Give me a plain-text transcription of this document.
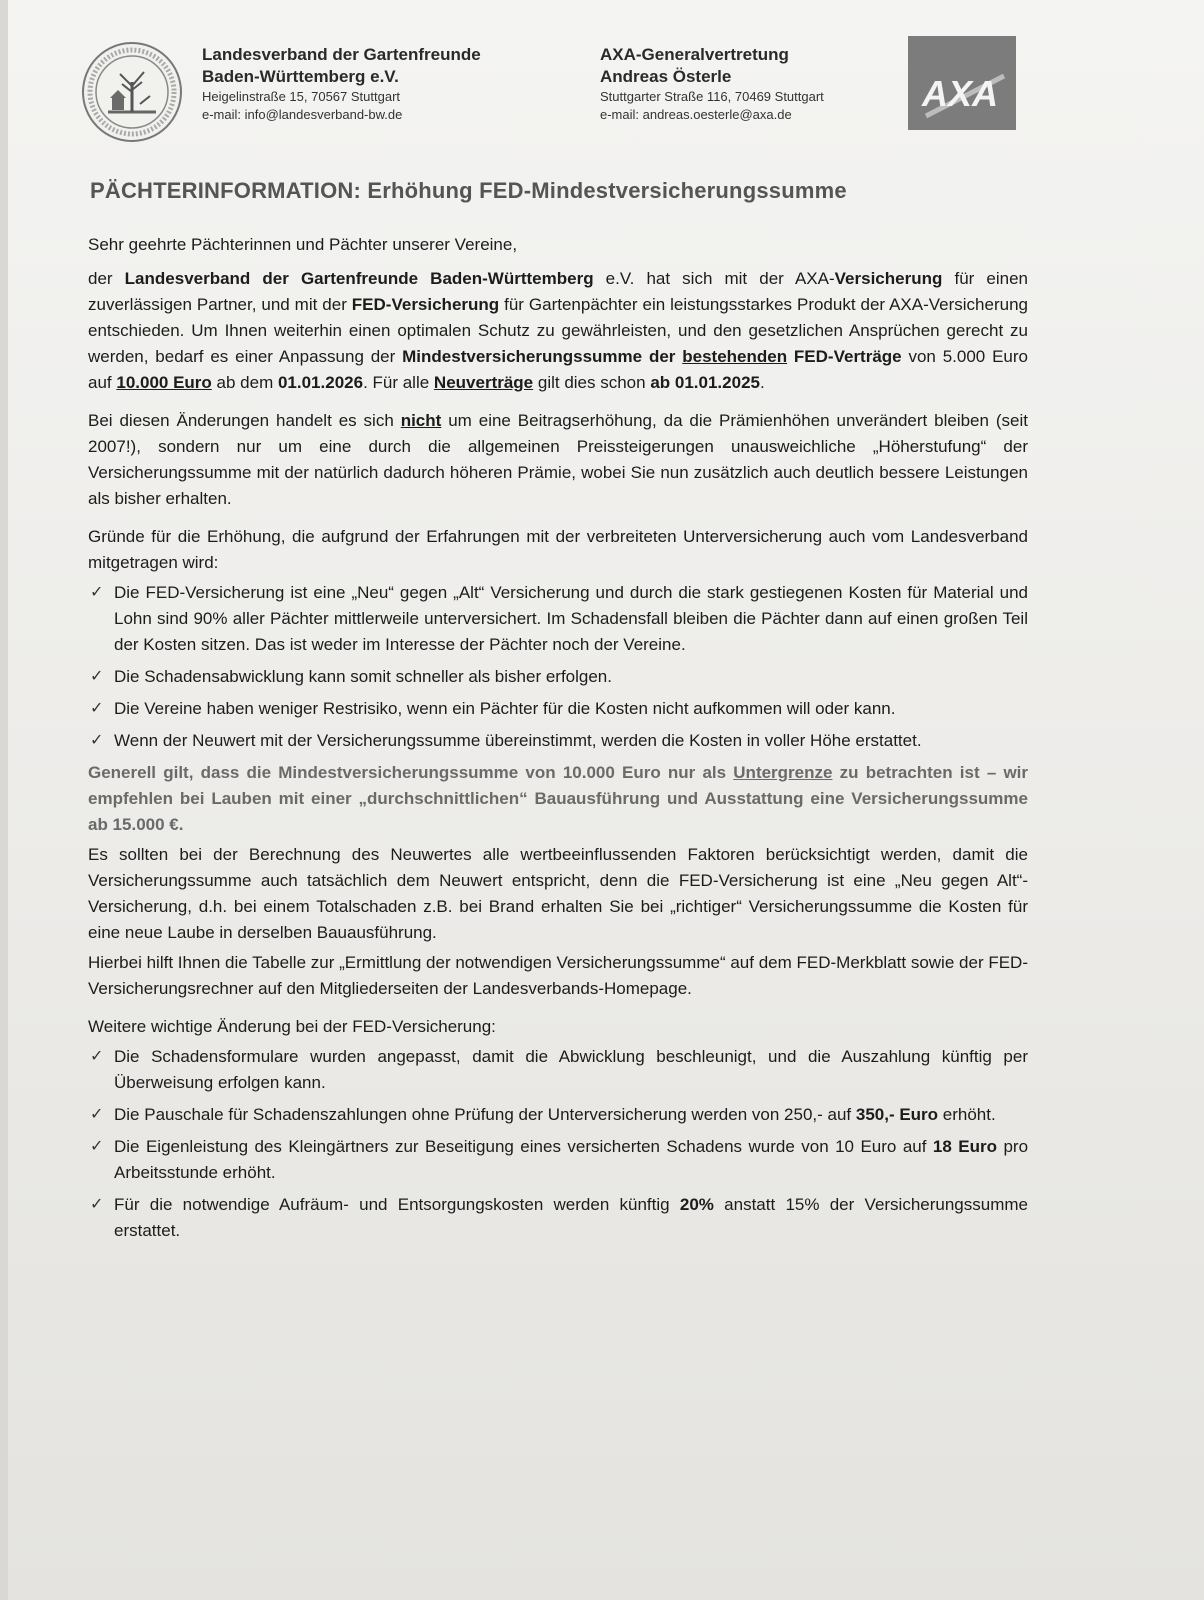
Landesverband der Gartenfreunde
Baden-Württemberg e.V.
Heigelinstraße 15, 70567 Stuttgart
e-mail: info@landesverband-bw.de
AXA-Generalvertretung
Andreas Österle
Stuttgarter Straße 116, 70469 Stuttgart
e-mail: andreas.oesterle@axa.de
AXA
PÄCHTERINFORMATION: Erhöhung FED-Mindestversicherungssumme

Sehr geehrte Pächterinnen und Pächter unserer Vereine,

der Landesverband der Gartenfreunde Baden-Württemberg e.V. hat sich mit der AXA-Versicherung für einen zuverlässigen Partner, und mit der FED-Versicherung für Gartenpächter ein leistungsstarkes Produkt der AXA-Versicherung entschieden. Um Ihnen weiterhin einen optimalen Schutz zu gewährleisten, und den gesetzlichen Ansprüchen gerecht zu werden, bedarf es einer Anpassung der Mindestversicherungssumme der bestehenden FED-Verträge von 5.000 Euro auf 10.000 Euro ab dem 01.01.2026. Für alle Neuverträge gilt dies schon ab 01.01.2025.

Bei diesen Änderungen handelt es sich nicht um eine Beitragserhöhung, da die Prämienhöhen unverändert bleiben (seit 2007!), sondern nur um eine durch die allgemeinen Preissteigerungen unausweichliche „Höherstufung“ der Versicherungssumme mit der natürlich dadurch höheren Prämie, wobei Sie nun zusätzlich auch deutlich bessere Leistungen als bisher erhalten.

Gründe für die Erhöhung, die aufgrund der Erfahrungen mit der verbreiteten Unterversicherung auch vom Landesverband mitgetragen wird:

✓ Die FED-Versicherung ist eine „Neu“ gegen „Alt“ Versicherung und durch die stark gestiegenen Kosten für Material und Lohn sind 90% aller Pächter mittlerweile unterversichert. Im Schadensfall bleiben die Pächter dann auf einen großen Teil der Kosten sitzen. Das ist weder im Interesse der Pächter noch der Vereine.
✓ Die Schadensabwicklung kann somit schneller als bisher erfolgen.
✓ Die Vereine haben weniger Restrisiko, wenn ein Pächter für die Kosten nicht aufkommen will oder kann.
✓ Wenn der Neuwert mit der Versicherungssumme übereinstimmt, werden die Kosten in voller Höhe erstattet.

Generell gilt, dass die Mindestversicherungssumme von 10.000 Euro nur als Untergrenze zu betrachten ist – wir empfehlen bei Lauben mit einer „durchschnittlichen“ Bauausführung und Ausstattung eine Versicherungssumme ab 15.000 €.

Es sollten bei der Berechnung des Neuwertes alle wertbeeinflussenden Faktoren berücksichtigt werden, damit die Versicherungssumme auch tatsächlich dem Neuwert entspricht, denn die FED-Versicherung ist eine „Neu gegen Alt“-Versicherung, d.h. bei einem Totalschaden z.B. bei Brand erhalten Sie bei „richtiger“ Versicherungssumme die Kosten für eine neue Laube in derselben Bauausführung.

Hierbei hilft Ihnen die Tabelle zur „Ermittlung der notwendigen Versicherungssumme“ auf dem FED-Merkblatt sowie der FED-Versicherungsrechner auf den Mitgliederseiten der Landesverbands-Homepage.

Weitere wichtige Änderung bei der FED-Versicherung:

✓ Die Schadensformulare wurden angepasst, damit die Abwicklung beschleunigt, und die Auszahlung künftig per Überweisung erfolgen kann.
✓ Die Pauschale für Schadenszahlungen ohne Prüfung der Unterversicherung werden von 250,- auf 350,- Euro erhöht.
✓ Die Eigenleistung des Kleingärtners zur Beseitigung eines versicherten Schadens wurde von 10 Euro auf 18 Euro pro Arbeitsstunde erhöht.
✓ Für die notwendige Aufräum- und Entsorgungskosten werden künftig 20% anstatt 15% der Versicherungssumme erstattet.
